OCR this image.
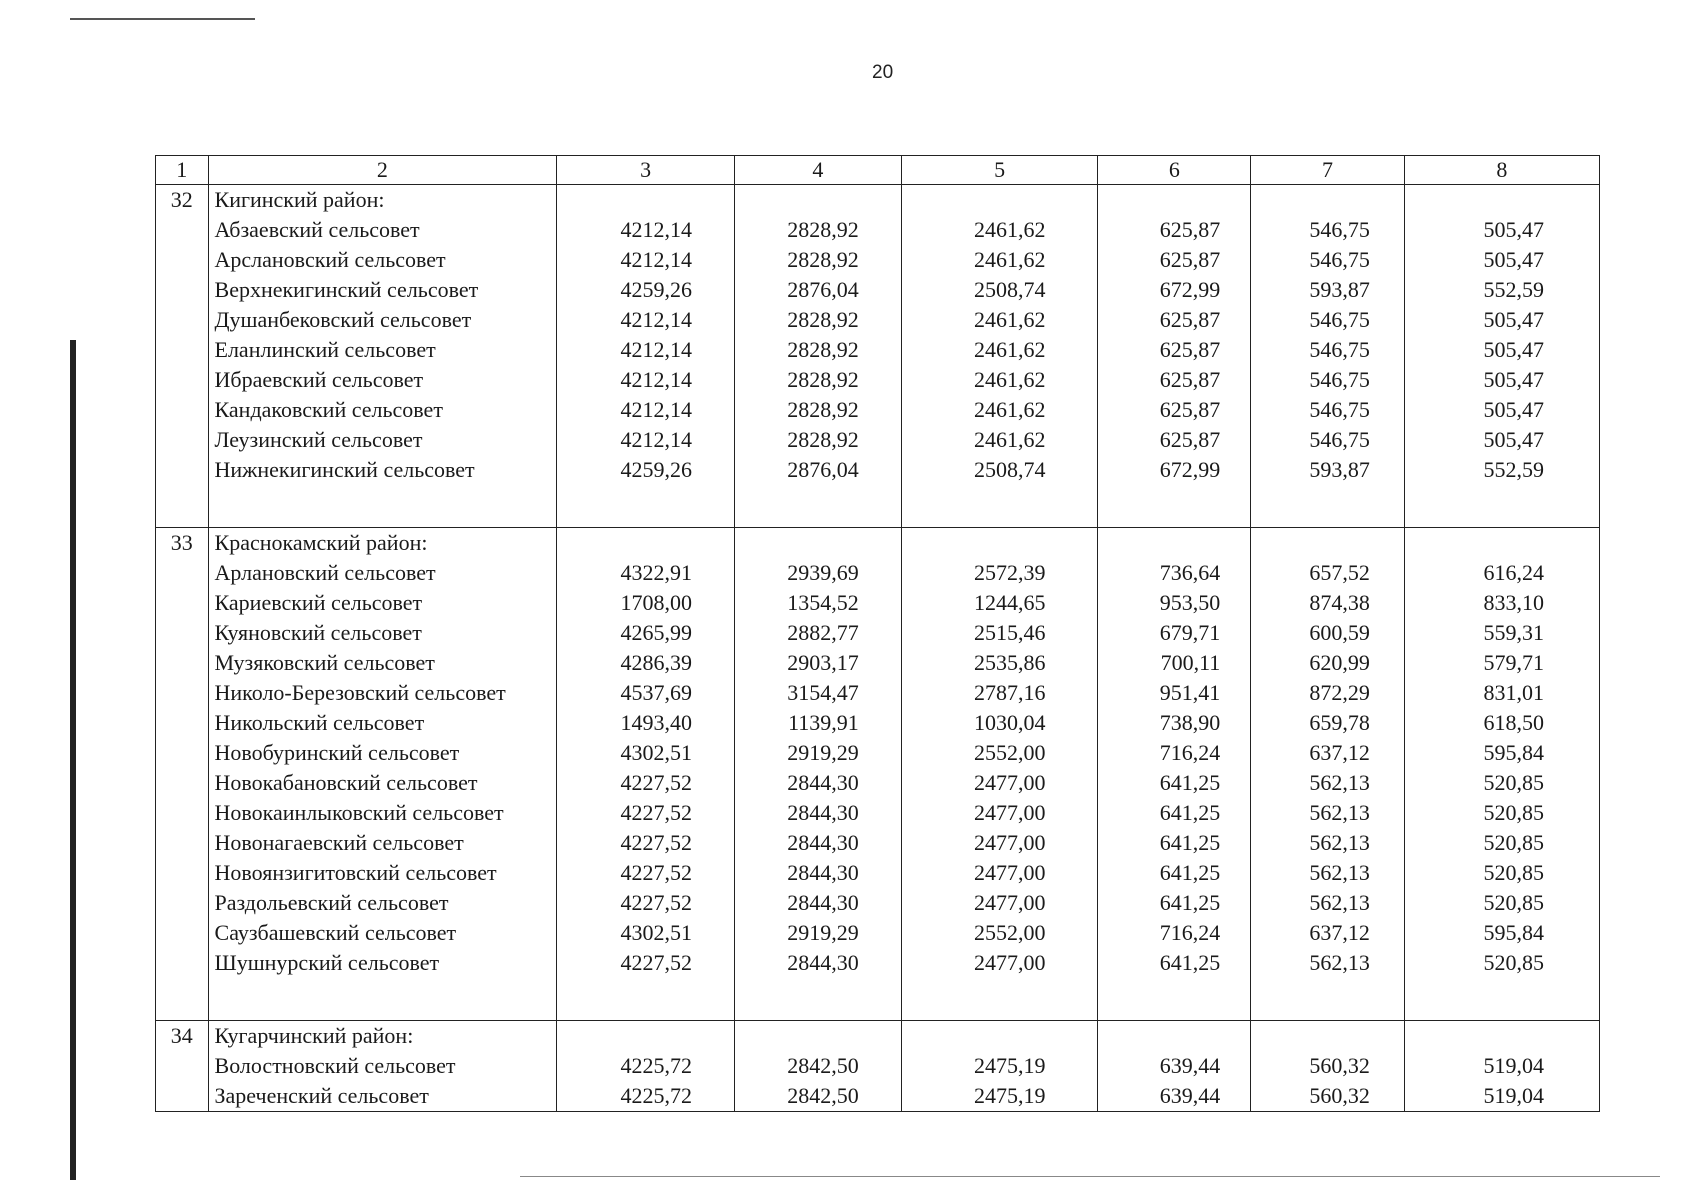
20
1	2	3	4	5	6	7	8
32	Кигинский район:						
	Абзаевский сельсовет	4212,14	2828,92	2461,62	625,87	546,75	505,47
	Арслановский сельсовет	4212,14	2828,92	2461,62	625,87	546,75	505,47
	Верхнекигинский сельсовет	4259,26	2876,04	2508,74	672,99	593,87	552,59
	Душанбековский сельсовет	4212,14	2828,92	2461,62	625,87	546,75	505,47
	Еланлинский сельсовет	4212,14	2828,92	2461,62	625,87	546,75	505,47
	Ибраевский сельсовет	4212,14	2828,92	2461,62	625,87	546,75	505,47
	Кандаковский сельсовет	4212,14	2828,92	2461,62	625,87	546,75	505,47
	Леузинский сельсовет	4212,14	2828,92	2461,62	625,87	546,75	505,47
	Нижнекигинский сельсовет	4259,26	2876,04	2508,74	672,99	593,87	552,59

33	Краснокамский район:						
	Арлановский сельсовет	4322,91	2939,69	2572,39	736,64	657,52	616,24
	Кариевский сельсовет	1708,00	1354,52	1244,65	953,50	874,38	833,10
	Куяновский сельсовет	4265,99	2882,77	2515,46	679,71	600,59	559,31
	Музяковский сельсовет	4286,39	2903,17	2535,86	700,11	620,99	579,71
	Николо-Березовский сельсовет	4537,69	3154,47	2787,16	951,41	872,29	831,01
	Никольский сельсовет	1493,40	1139,91	1030,04	738,90	659,78	618,50
	Новобуринский сельсовет	4302,51	2919,29	2552,00	716,24	637,12	595,84
	Новокабановский сельсовет	4227,52	2844,30	2477,00	641,25	562,13	520,85
	Новокаинлыковский сельсовет	4227,52	2844,30	2477,00	641,25	562,13	520,85
	Новонагаевский сельсовет	4227,52	2844,30	2477,00	641,25	562,13	520,85
	Новоянзигитовский сельсовет	4227,52	2844,30	2477,00	641,25	562,13	520,85
	Раздольевский сельсовет	4227,52	2844,30	2477,00	641,25	562,13	520,85
	Саузбашевский сельсовет	4302,51	2919,29	2552,00	716,24	637,12	595,84
	Шушнурский сельсовет	4227,52	2844,30	2477,00	641,25	562,13	520,85

34	Кугарчинский район:						
	Волостновский сельсовет	4225,72	2842,50	2475,19	639,44	560,32	519,04
	Зареченский сельсовет	4225,72	2842,50	2475,19	639,44	560,32	519,04
